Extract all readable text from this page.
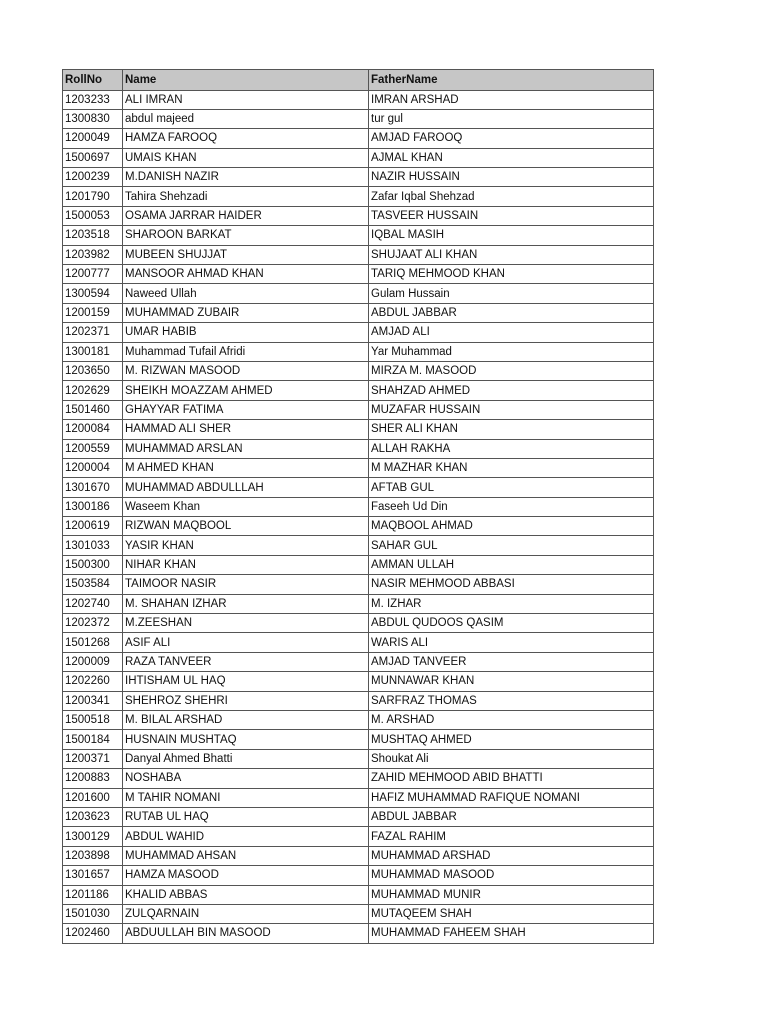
RollNo	Name	FatherName
1203233	ALI IMRAN	IMRAN ARSHAD
1300830	abdul majeed	tur gul
1200049	HAMZA FAROOQ	AMJAD FAROOQ
1500697	UMAIS KHAN	AJMAL KHAN
1200239	M.DANISH NAZIR	NAZIR HUSSAIN
1201790	Tahira Shehzadi	Zafar Iqbal Shehzad
1500053	OSAMA JARRAR HAIDER	TASVEER HUSSAIN
1203518	SHAROON BARKAT	IQBAL MASIH
1203982	MUBEEN SHUJJAT	SHUJAAT ALI KHAN
1200777	MANSOOR AHMAD KHAN	TARIQ MEHMOOD KHAN
1300594	Naweed Ullah	Gulam Hussain
1200159	MUHAMMAD ZUBAIR	ABDUL JABBAR
1202371	UMAR HABIB	AMJAD ALI
1300181	Muhammad Tufail Afridi	Yar Muhammad
1203650	M. RIZWAN MASOOD	MIRZA M. MASOOD
1202629	SHEIKH MOAZZAM AHMED	SHAHZAD AHMED
1501460	GHAYYAR FATIMA	MUZAFAR HUSSAIN
1200084	HAMMAD ALI SHER	SHER ALI KHAN
1200559	MUHAMMAD ARSLAN	ALLAH RAKHA
1200004	M AHMED KHAN	M MAZHAR KHAN
1301670	MUHAMMAD ABDULLLAH	AFTAB GUL
1300186	Waseem Khan	Faseeh Ud Din
1200619	RIZWAN MAQBOOL	MAQBOOL AHMAD
1301033	YASIR KHAN	SAHAR GUL
1500300	NIHAR KHAN	AMMAN ULLAH
1503584	TAIMOOR NASIR	NASIR MEHMOOD ABBASI
1202740	M. SHAHAN IZHAR	M. IZHAR
1202372	M.ZEESHAN	ABDUL QUDOOS QASIM
1501268	ASIF ALI	WARIS ALI
1200009	RAZA TANVEER	AMJAD TANVEER
1202260	IHTISHAM UL HAQ	MUNNAWAR KHAN
1200341	SHEHROZ SHEHRI	SARFRAZ THOMAS
1500518	M. BILAL ARSHAD	M. ARSHAD
1500184	HUSNAIN MUSHTAQ	MUSHTAQ AHMED
1200371	Danyal Ahmed Bhatti	Shoukat Ali
1200883	NOSHABA	ZAHID MEHMOOD ABID BHATTI
1201600	M TAHIR NOMANI	HAFIZ MUHAMMAD RAFIQUE NOMANI
1203623	RUTAB UL HAQ	ABDUL JABBAR
1300129	ABDUL WAHID	FAZAL RAHIM
1203898	MUHAMMAD AHSAN	MUHAMMAD ARSHAD
1301657	HAMZA MASOOD	MUHAMMAD MASOOD
1201186	KHALID ABBAS	MUHAMMAD MUNIR
1501030	ZULQARNAIN	MUTAQEEM SHAH
1202460	ABDUULLAH BIN MASOOD	MUHAMMAD FAHEEM SHAH
